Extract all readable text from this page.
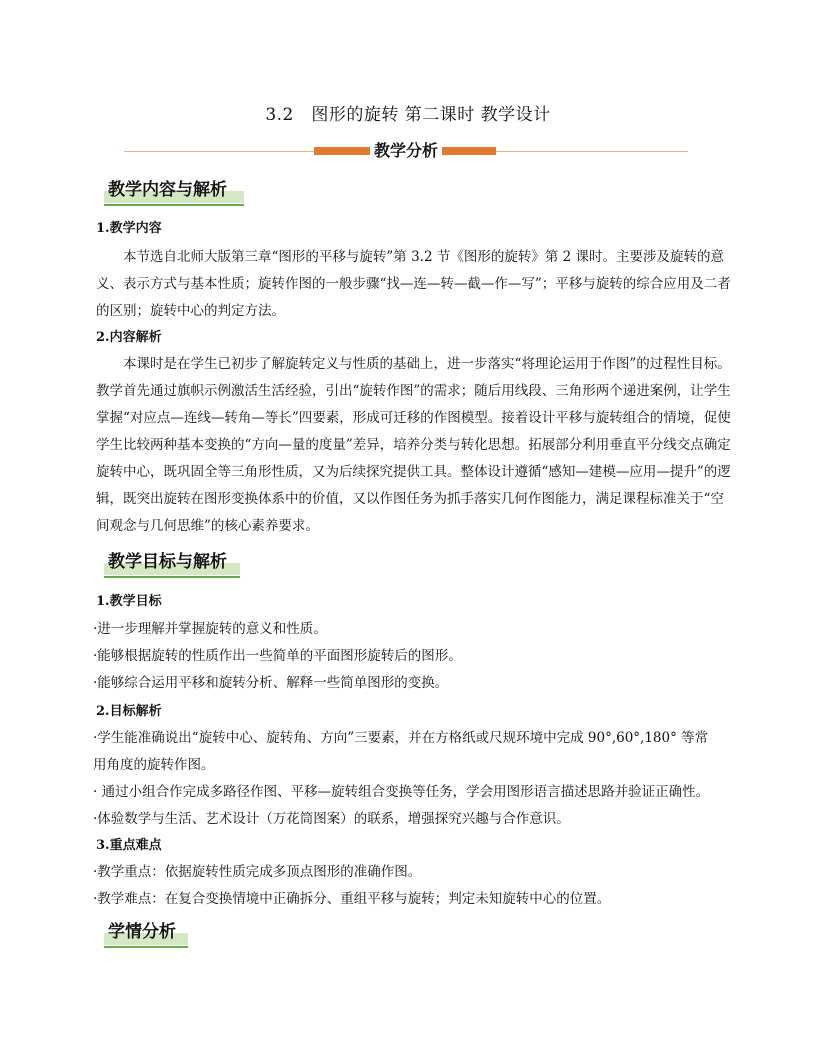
3.2　图形的旋转 第二课时 教学设计
教学分析
教学内容与解析
1.教学内容
本节选自北师大版第三章“图形的平移与旋转”第 3.2 节《图形的旋转》第 2 课时。主要涉及旋转的意义、表示方式与基本性质；旋转作图的一般步骤“找—连—转—截—作—写”；平移与旋转的综合应用及二者的区别；旋转中心的判定方法。
2.内容解析
本课时是在学生已初步了解旋转定义与性质的基础上，进一步落实“将理论运用于作图”的过程性目标。教学首先通过旗帜示例激活生活经验，引出“旋转作图”的需求；随后用线段、三角形两个递进案例，让学生掌握“对应点—连线—转角—等长”四要素，形成可迁移的作图模型。接着设计平移与旋转组合的情境，促使学生比较两种基本变换的“方向—量的度量”差异，培养分类与转化思想。拓展部分利用垂直平分线交点确定旋转中心，既巩固全等三角形性质，又为后续探究提供工具。整体设计遵循“感知—建模—应用—提升”的逻辑，既突出旋转在图形变换体系中的价值，又以作图任务为抓手落实几何作图能力，满足课程标准关于“空间观念与几何思维”的核心素养要求。
教学目标与解析
1.教学目标
·进一步理解并掌握旋转的意义和性质。
·能够根据旋转的性质作出一些简单的平面图形旋转后的图形。
·能够综合运用平移和旋转分析、解释一些简单图形的变换。
2.目标解析
·学生能准确说出“旋转中心、旋转角、方向”三要素，并在方格纸或尺规环境中完成 90°,60°,180° 等常用角度的旋转作图。
· 通过小组合作完成多路径作图、平移—旋转组合变换等任务，学会用图形语言描述思路并验证正确性。
·体验数学与生活、艺术设计（万花筒图案）的联系，增强探究兴趣与合作意识。
3.重点难点
·教学重点：依据旋转性质完成多顶点图形的准确作图。
·教学难点：在复合变换情境中正确拆分、重组平移与旋转；判定未知旋转中心的位置。
学情分析
